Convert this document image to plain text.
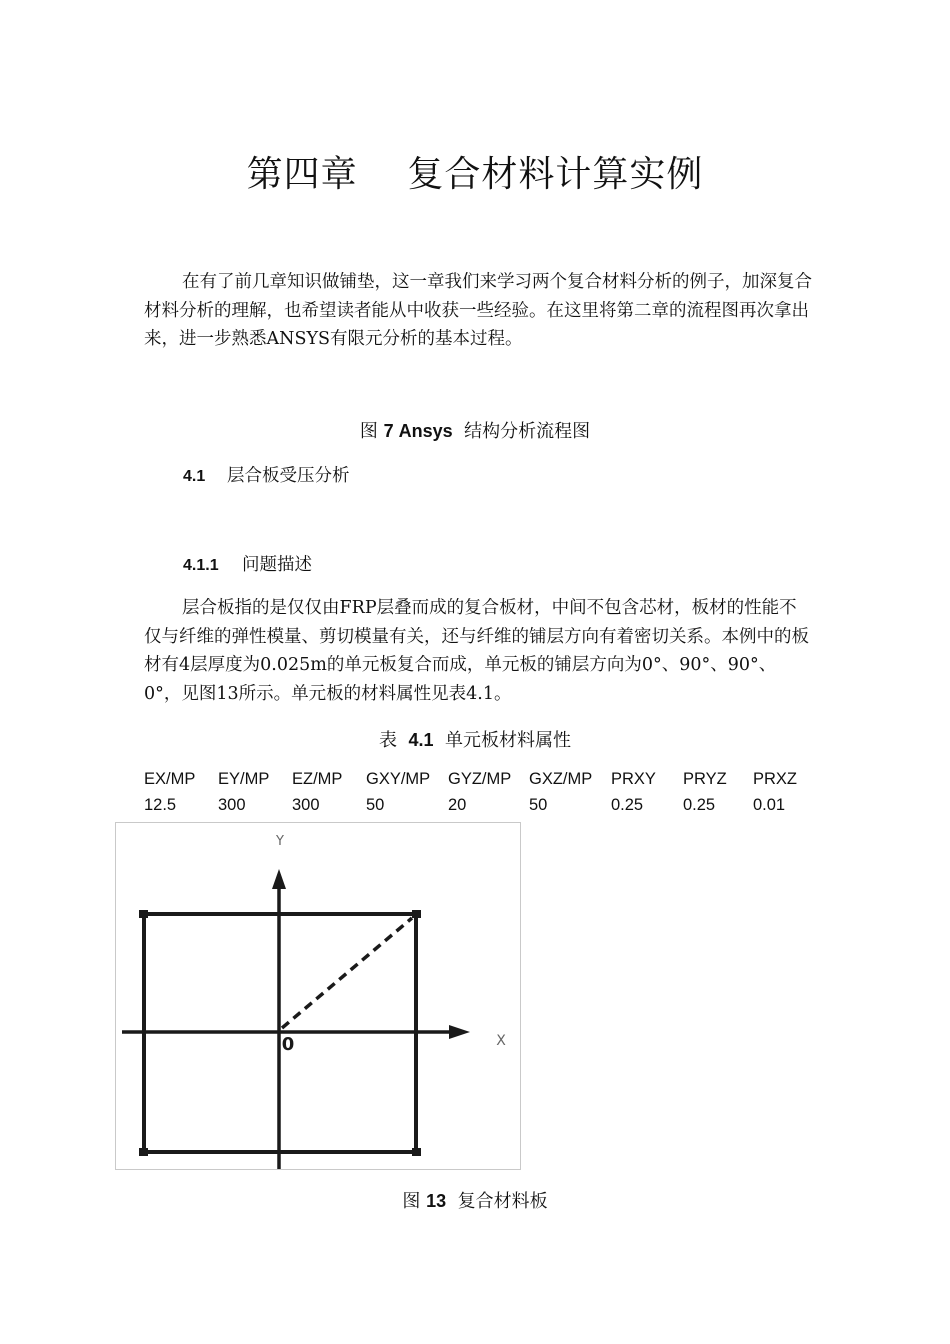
第四章    复合材料计算实例
在有了前几章知识做铺垫，这一章我们来学习两个复合材料分析的例子，加深复合材料分析的理解，也希望读者能从中收获一些经验。在这里将第二章的流程图再次拿出来，进一步熟悉ANSYS有限元分析的基本过程。
图 7 Ansys  结构分析流程图
4.1 层合板受压分析
4.1.1 问题描述
层合板指的是仅仅由FRP层叠而成的复合板材，中间不包含芯材，板材的性能不仅与纤维的弹性模量、剪切模量有关，还与纤维的铺层方向有着密切关系。本例中的板材有4层厚度为0.025m的单元板复合而成，单元板的铺层方向为0°、90°、90°、0°，见图13所示。单元板的材料属性见表4.1。
表  4.1  单元板材料属性
EX/MP EY/MP EZ/MP GXY/MP GYZ/MP GXZ/MP PRXY PRYZ PRXZ
12.5	300	300	50	20	50	0.25 0.25 0.01
Y
X
0
图 13  复合材料板
